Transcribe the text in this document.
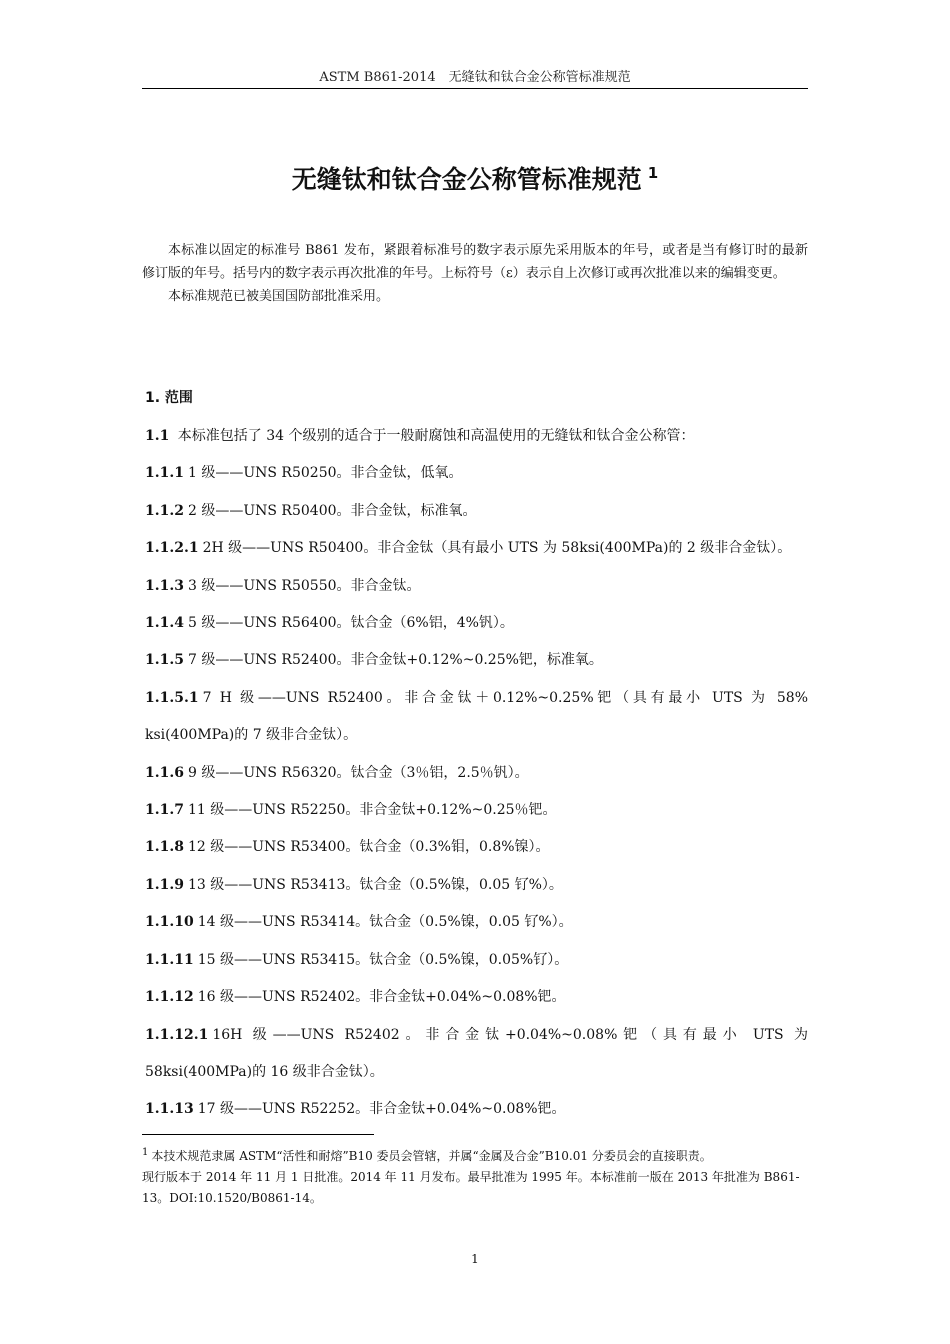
ASTM B861-2014　无缝钛和钛合金公称管标准规范
无缝钛和钛合金公称管标准规范 $^1$

本标准以固定的标准号 B861 发布，紧跟着标准号的数字表示原先采用版本的年号，或者是当有修订时的最新修订版的年号。括号内的数字表示再次批准的年号。上标符号（ε）表示自上次修订或再次批准以来的编辑变更。

本标准规范已被美国国防部批准采用。

1. 范围

1.1 本标准包括了 34 个级别的适合于一般耐腐蚀和高温使用的无缝钛和钛合金公称管：

1.1.1 1 级——UNS R50250。非合金钛，低氧。

1.1.2 2 级——UNS R50400。非合金钛，标准氧。

1.1.2.1 2H 级——UNS R50400。非合金钛（具有最小 UTS 为 58ksi(400MPa)的 2 级非合金钛）。

1.1.3 3 级——UNS R50550。非合金钛。

1.1.4 5 级——UNS R56400。钛合金（6%铝，4%钒）。

1.1.5 7 级——UNS R52400。非合金钛+0.12%~0.25%钯，标准氧。

1.1.5.1 7 H 级——UNS R52400。非合金钛＋0.12%~0.25%钯（具有最小 UTS 为 58% ksi(400MPa)的 7 级非合金钛）。

1.1.6 9 级——UNS R56320。钛合金（3％铝，2.5％钒）。

1.1.7 11 级——UNS R52250。非合金钛+0.12%~0.25％钯。

1.1.8 12 级——UNS R53400。钛合金（0.3%钼，0.8%镍）。

1.1.9 13 级——UNS R53413。钛合金（0.5%镍，0.05 钌%）。

1.1.10 14 级——UNS R53414。钛合金（0.5%镍，0.05 钌%）。

1.1.11 15 级——UNS R53415。钛合金（0.5%镍，0.05%钌）。

1.1.12 16 级——UNS R52402。非合金钛+0.04%~0.08%钯。

1.1.12.1 16H 级——UNS R52402。非合金钛+0.04%~0.08%钯（具有最小 UTS 为 58ksi(400MPa)的 16 级非合金钛）。

1.1.13 17 级——UNS R52252。非合金钛+0.04%~0.08%钯。

$^1$ 本技术规范隶属 ASTM“活性和耐熔”B10 委员会管辖，并属“金属及合金”B10.01 分委员会的直接职责。

现行版本于 2014 年 11 月 1 日批准。2014 年 11 月发布。最早批准为 1995 年。本标准前一版在 2013 年批准为 B861-13。DOI:10.1520/B0861-14。

1
